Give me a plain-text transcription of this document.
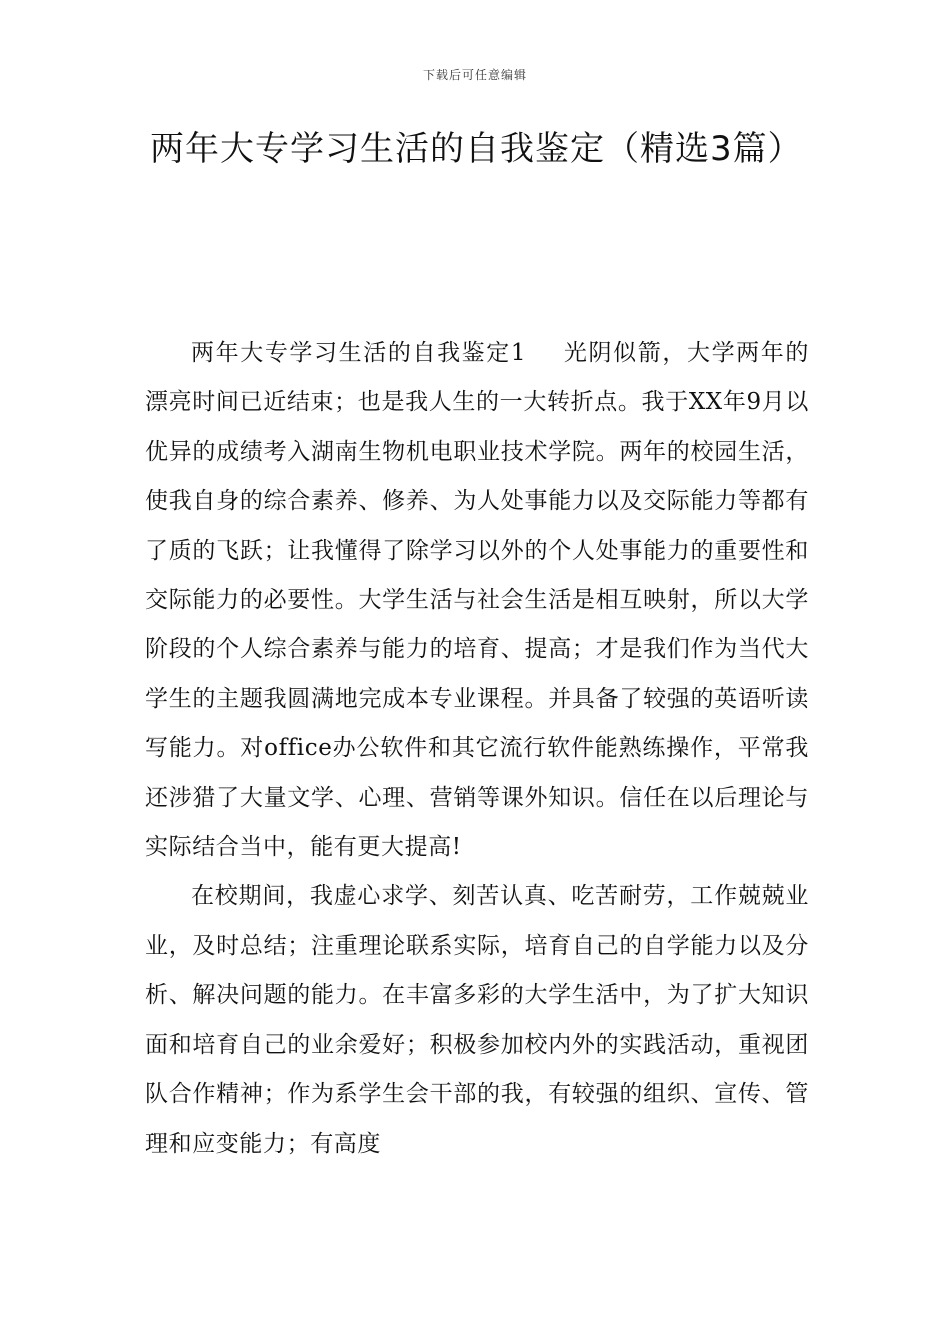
下载后可任意编辑
两年大专学习生活的自我鉴定（精选3篇）

两年大专学习生活的自我鉴定1 光阴似箭，大学两年的漂亮时间已近结束；也是我人生的一大转折点。我于XX年9月以优异的成绩考入湖南生物机电职业技术学院。两年的校园生活，使我自身的综合素养、修养、为人处事能力以及交际能力等都有了质的飞跃；让我懂得了除学习以外的个人处事能力的重要性和交际能力的必要性。大学生活与社会生活是相互映射，所以大学阶段的个人综合素养与能力的培育、提高；才是我们作为当代大学生的主题我圆满地完成本专业课程。并具备了较强的英语听读写能力。对office办公软件和其它流行软件能熟练操作，平常我还涉猎了大量文学、心理、营销等课外知识。信任在以后理论与实际结合当中，能有更大提高!

在校期间，我虚心求学、刻苦认真、吃苦耐劳，工作兢兢业业，及时总结；注重理论联系实际，培育自己的自学能力以及分析、解决问题的能力。在丰富多彩的大学生活中，为了扩大知识面和培育自己的业余爱好；积极参加校内外的实践活动，重视团队合作精神；作为系学生会干部的我，有较强的组织、宣传、管理和应变能力；有高度
